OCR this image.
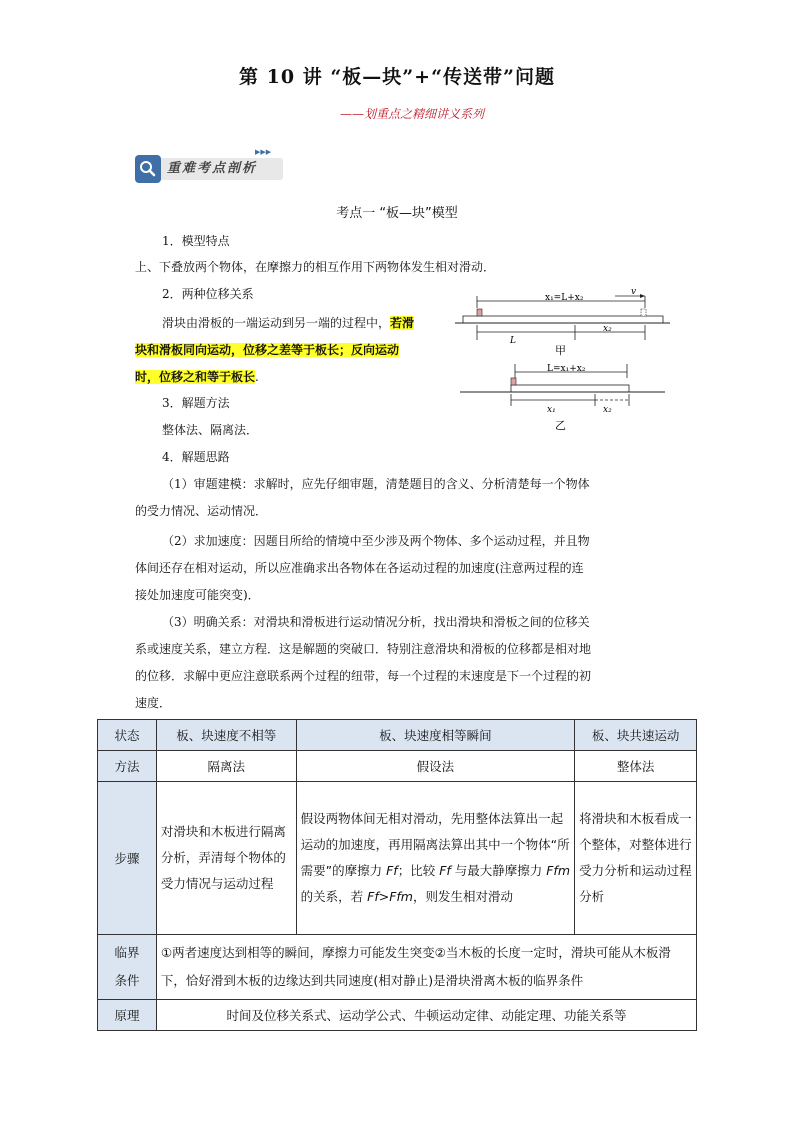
第 10 讲 “板—块”+“传送带”问题
——划重点之精细讲义系列
重难考点剖析
▶▶▶
考点一 “板—块”模型
1．模型特点
上、下叠放两个物体，在摩擦力的相互作用下两物体发生相对滑动．
2．两种位移关系
滑块由滑板的一端运动到另一端的过程中，若滑
块和滑板同向运动，位移之差等于板长；反向运动
时，位移之和等于板长.
3．解题方法
整体法、隔离法．
4．解题思路
（1）审题建模：求解时，应先仔细审题，清楚题目的含义、分析清楚每一个物体
的受力情况、运动情况．
（2）求加速度：因题目所给的情境中至少涉及两个物体、多个运动过程，并且物
体间还存在相对运动，所以应准确求出各物体在各运动过程的加速度(注意两过程的连
接处加速度可能突变)．
（3）明确关系：对滑块和滑板进行运动情况分析，找出滑块和滑板之间的位移关
系或速度关系，建立方程．这是解题的突破口．特别注意滑块和滑板的位移都是相对地
的位移．求解中更应注意联系两个过程的纽带，每一个过程的末速度是下一个过程的初
速度．
x₁=L+x₂
v
L
x₂
甲
L=x₁+x₂
x₁	x₂
乙
状态	板、块速度不相等	板、块速度相等瞬间	板、块共速运动
方法	隔离法	假设法	整体法
步骤	对滑块和木板进行隔离分析，弄清每个物体的受力情况与运动过程	假设两物体间无相对滑动，先用整体法算出一起运动的加速度，再用隔离法算出其中一个物体“所需要”的摩擦力 Ff；比较 Ff 与最大静摩擦力 Ffm 的关系，若 Ff>Ffm，则发生相对滑动	将滑块和木板看成一个整体，对整体进行受力分析和运动过程分析
临界
条件	①两者速度达到相等的瞬间，摩擦力可能发生突变②当木板的长度一定时，滑块可能从木板滑下，恰好滑到木板的边缘达到共同速度(相对静止)是滑块滑离木板的临界条件		
原理	时间及位移关系式、运动学公式、牛顿运动定律、动能定理、功能关系等		
